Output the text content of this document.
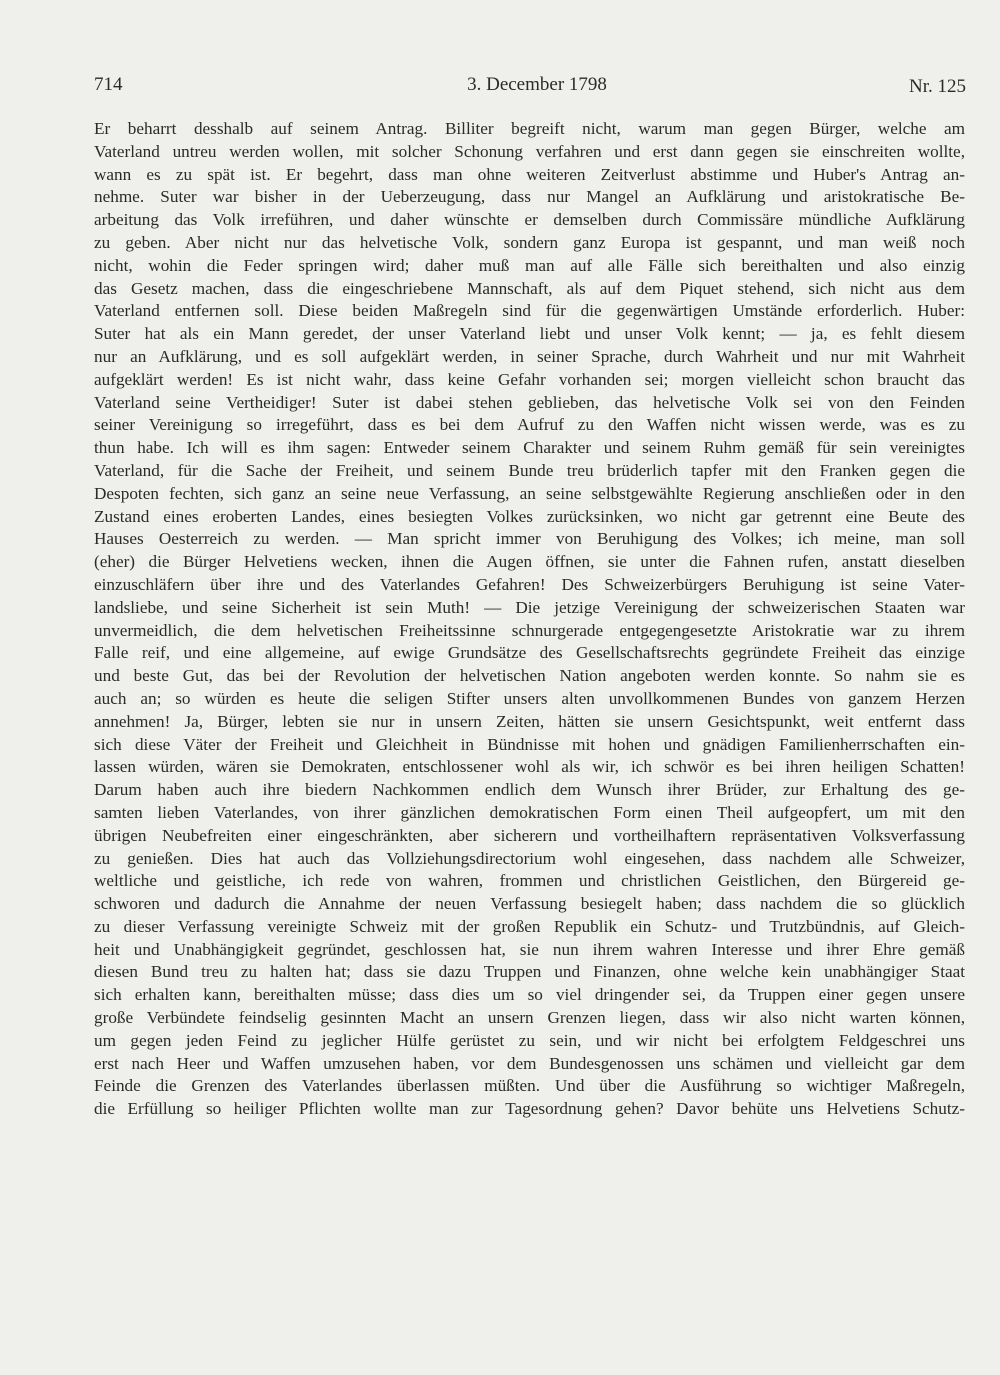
714	3. December 1798	Nr. 125
Er beharrt desshalb auf seinem Antrag. Billiter begreift nicht, warum man gegen Bürger, welche am
Vaterland untreu werden wollen, mit solcher Schonung verfahren und erst dann gegen sie einschreiten wollte,
wann es zu spät ist. Er begehrt, dass man ohne weiteren Zeitverlust abstimme und Huber's Antrag an-
nehme. Suter war bisher in der Ueberzeugung, dass nur Mangel an Aufklärung und aristokratische Be-
arbeitung das Volk irreführen, und daher wünschte er demselben durch Commissäre mündliche Aufklärung
zu geben. Aber nicht nur das helvetische Volk, sondern ganz Europa ist gespannt, und man weiß noch
nicht, wohin die Feder springen wird; daher muß man auf alle Fälle sich bereithalten und also einzig
das Gesetz machen, dass die eingeschriebene Mannschaft, als auf dem Piquet stehend, sich nicht aus dem
Vaterland entfernen soll. Diese beiden Maßregeln sind für die gegenwärtigen Umstände erforderlich. Huber:
Suter hat als ein Mann geredet, der unser Vaterland liebt und unser Volk kennt; — ja, es fehlt diesem
nur an Aufklärung, und es soll aufgeklärt werden, in seiner Sprache, durch Wahrheit und nur mit Wahrheit
aufgeklärt werden! Es ist nicht wahr, dass keine Gefahr vorhanden sei; morgen vielleicht schon braucht das
Vaterland seine Vertheidiger! Suter ist dabei stehen geblieben, das helvetische Volk sei von den Feinden
seiner Vereinigung so irregeführt, dass es bei dem Aufruf zu den Waffen nicht wissen werde, was es zu
thun habe. Ich will es ihm sagen: Entweder seinem Charakter und seinem Ruhm gemäß für sein vereinigtes
Vaterland, für die Sache der Freiheit, und seinem Bunde treu brüderlich tapfer mit den Franken gegen die
Despoten fechten, sich ganz an seine neue Verfassung, an seine selbstgewählte Regierung anschließen oder in den
Zustand eines eroberten Landes, eines besiegten Volkes zurücksinken, wo nicht gar getrennt eine Beute des
Hauses Oesterreich zu werden. — Man spricht immer von Beruhigung des Volkes; ich meine, man soll
(eher) die Bürger Helvetiens wecken, ihnen die Augen öffnen, sie unter die Fahnen rufen, anstatt dieselben
einzuschläfern über ihre und des Vaterlandes Gefahren! Des Schweizerbürgers Beruhigung ist seine Vater-
landsliebe, und seine Sicherheit ist sein Muth! — Die jetzige Vereinigung der schweizerischen Staaten war
unvermeidlich, die dem helvetischen Freiheitssinne schnurgerade entgegengesetzte Aristokratie war zu ihrem
Falle reif, und eine allgemeine, auf ewige Grundsätze des Gesellschaftsrechts gegründete Freiheit das einzige
und beste Gut, das bei der Revolution der helvetischen Nation angeboten werden konnte. So nahm sie es
auch an; so würden es heute die seligen Stifter unsers alten unvollkommenen Bundes von ganzem Herzen
annehmen! Ja, Bürger, lebten sie nur in unsern Zeiten, hätten sie unsern Gesichtspunkt, weit entfernt dass
sich diese Väter der Freiheit und Gleichheit in Bündnisse mit hohen und gnädigen Familienherrschaften ein-
lassen würden, wären sie Demokraten, entschlossener wohl als wir, ich schwör es bei ihren heiligen Schatten!
Darum haben auch ihre biedern Nachkommen endlich dem Wunsch ihrer Brüder, zur Erhaltung des ge-
samten lieben Vaterlandes, von ihrer gänzlichen demokratischen Form einen Theil aufgeopfert, um mit den
übrigen Neubefreiten einer eingeschränkten, aber sicherern und vortheilhaftern repräsentativen Volksverfassung
zu genießen. Dies hat auch das Vollziehungsdirectorium wohl eingesehen, dass nachdem alle Schweizer,
weltliche und geistliche, ich rede von wahren, frommen und christlichen Geistlichen, den Bürgereid ge-
schworen und dadurch die Annahme der neuen Verfassung besiegelt haben; dass nachdem die so glücklich
zu dieser Verfassung vereinigte Schweiz mit der großen Republik ein Schutz- und Trutzbündnis, auf Gleich-
heit und Unabhängigkeit gegründet, geschlossen hat, sie nun ihrem wahren Interesse und ihrer Ehre gemäß
diesen Bund treu zu halten hat; dass sie dazu Truppen und Finanzen, ohne welche kein unabhängiger Staat
sich erhalten kann, bereithalten müsse; dass dies um so viel dringender sei, da Truppen einer gegen unsere
große Verbündete feindselig gesinnten Macht an unsern Grenzen liegen, dass wir also nicht warten können,
um gegen jeden Feind zu jeglicher Hülfe gerüstet zu sein, und wir nicht bei erfolgtem Feldgeschrei uns
erst nach Heer und Waffen umzusehen haben, vor dem Bundesgenossen uns schämen und vielleicht gar dem
Feinde die Grenzen des Vaterlandes überlassen müßten. Und über die Ausführung so wichtiger Maßregeln,
die Erfüllung so heiliger Pflichten wollte man zur Tagesordnung gehen? Davor behüte uns Helvetiens Schutz-
